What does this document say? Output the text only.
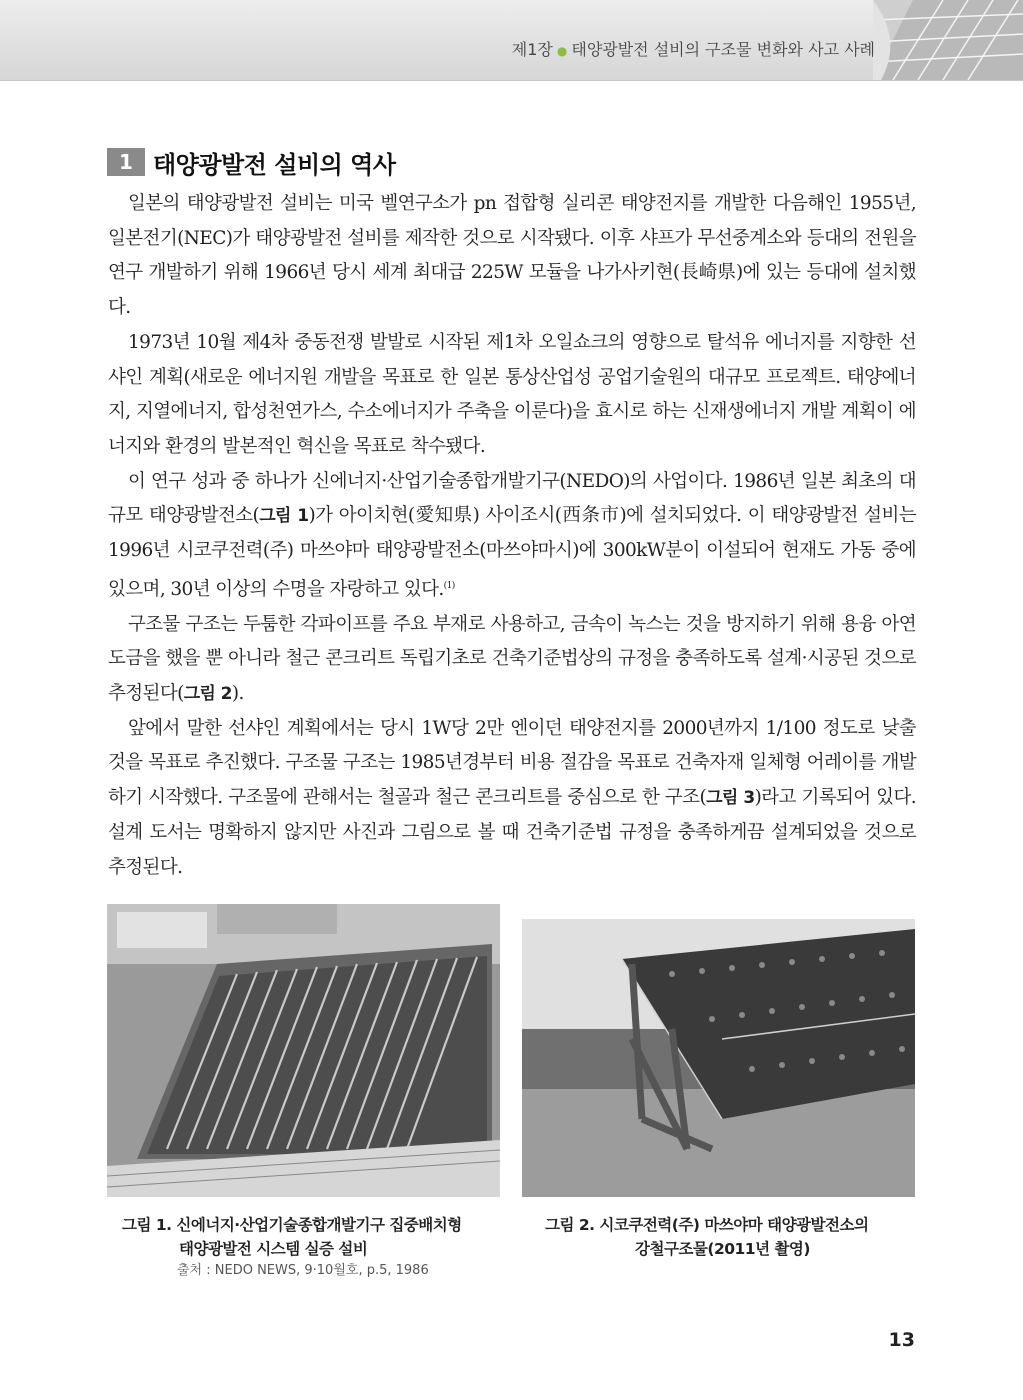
제1장 ● 태양광발전 설비의 구조물 변화와 사고 사례
1 태양광발전 설비의 역사

일본의 태양광발전 설비는 미국 벨연구소가 pn 접합형 실리콘 태양전지를 개발한 다음해인 1955년, 일본전기(NEC)가 태양광발전 설비를 제작한 것으로 시작됐다. 이후 샤프가 무선중계소와 등대의 전원을 연구 개발하기 위해 1966년 당시 세계 최대급 225W 모듈을 나가사키현(長崎県)에 있는 등대에 설치했다.

1973년 10월 제4차 중동전쟁 발발로 시작된 제1차 오일쇼크의 영향으로 탈석유 에너지를 지향한 선샤인 계획(새로운 에너지원 개발을 목표로 한 일본 통상산업성 공업기술원의 대규모 프로젝트. 태양에너지, 지열에너지, 합성천연가스, 수소에너지가 주축을 이룬다)을 효시로 하는 신재생에너지 개발 계획이 에너지와 환경의 발본적인 혁신을 목표로 착수됐다.

이 연구 성과 중 하나가 신에너지·산업기술종합개발기구(NEDO)의 사업이다. 1986년 일본 최초의 대규모 태양광발전소(그림 1)가 아이치현(愛知県) 사이조시(西条市)에 설치되었다. 이 태양광발전 설비는 1996년 시코쿠전력(주) 마쓰야마 태양광발전소(마쓰야마시)에 300kW분이 이설되어 현재도 가동 중에 있으며, 30년 이상의 수명을 자랑하고 있다.$^{(1)}$

구조물 구조는 두툼한 각파이프를 주요 부재로 사용하고, 금속이 녹스는 것을 방지하기 위해 용융 아연 도금을 했을 뿐 아니라 철근 콘크리트 독립기초로 건축기준법상의 규정을 충족하도록 설계·시공된 것으로 추정된다(그림 2).

앞에서 말한 선샤인 계획에서는 당시 1W당 2만 엔이던 태양전지를 2000년까지 1/100 정도로 낮출 것을 목표로 추진했다. 구조물 구조는 1985년경부터 비용 절감을 목표로 건축자재 일체형 어레이를 개발하기 시작했다. 구조물에 관해서는 철골과 철근 콘크리트를 중심으로 한 구조(그림 3)라고 기록되어 있다. 설계 도서는 명확하지 않지만 사진과 그림으로 볼 때 건축기준법 규정을 충족하게끔 설계되었을 것으로 추정된다.

그림 1. 신에너지·산업기술종합개발기구 집중배치형
태양광발전 시스템 실증 설비
출처 : NEDO NEWS, 9·10월호, p.5, 1986
그림 2. 시코쿠전력(주) 마쓰야마 태양광발전소의
강철구조물(2011년 촬영)
13
